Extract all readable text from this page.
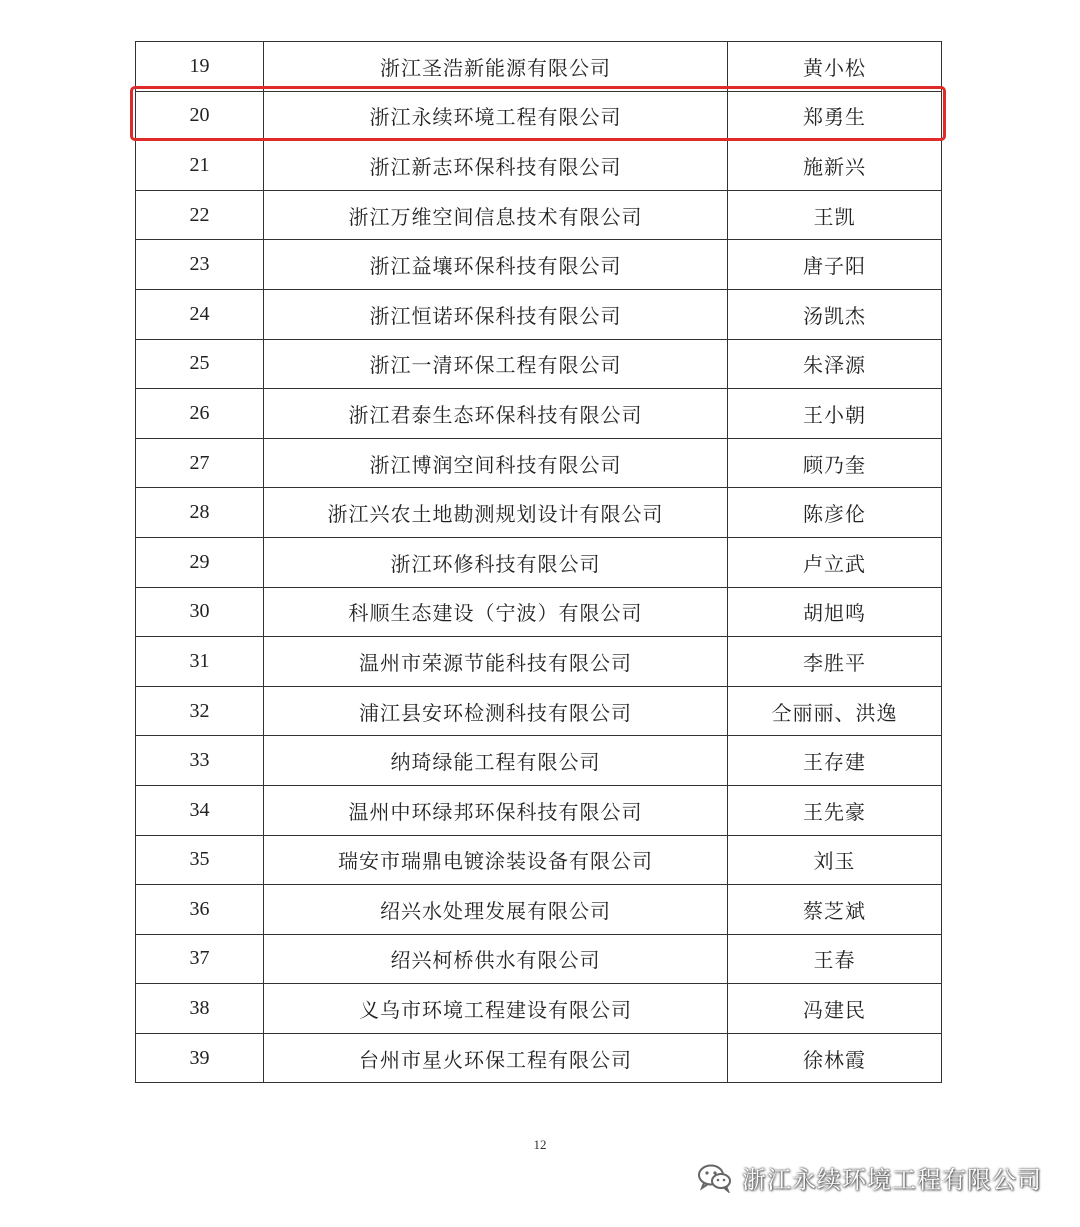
19	浙江圣浩新能源有限公司	黄小松
20	浙江永续环境工程有限公司	郑勇生
21	浙江新志环保科技有限公司	施新兴
22	浙江万维空间信息技术有限公司	王凯
23	浙江益壤环保科技有限公司	唐子阳
24	浙江恒诺环保科技有限公司	汤凯杰
25	浙江一清环保工程有限公司	朱泽源
26	浙江君泰生态环保科技有限公司	王小朝
27	浙江博润空间科技有限公司	顾乃奎
28	浙江兴农土地勘测规划设计有限公司	陈彦伦
29	浙江环修科技有限公司	卢立武
30	科顺生态建设（宁波）有限公司	胡旭鸣
31	温州市荣源节能科技有限公司	李胜平
32	浦江县安环检测科技有限公司	仝丽丽、洪逸
33	纳琦绿能工程有限公司	王存建
34	温州中环绿邦环保科技有限公司	王先豪
35	瑞安市瑞鼎电镀涂装设备有限公司	刘玉
36	绍兴水处理发展有限公司	蔡芝斌
37	绍兴柯桥供水有限公司	王春
38	义乌市环境工程建设有限公司	冯建民
39	台州市星火环保工程有限公司	徐林霞
12
浙江永续环境工程有限公司
